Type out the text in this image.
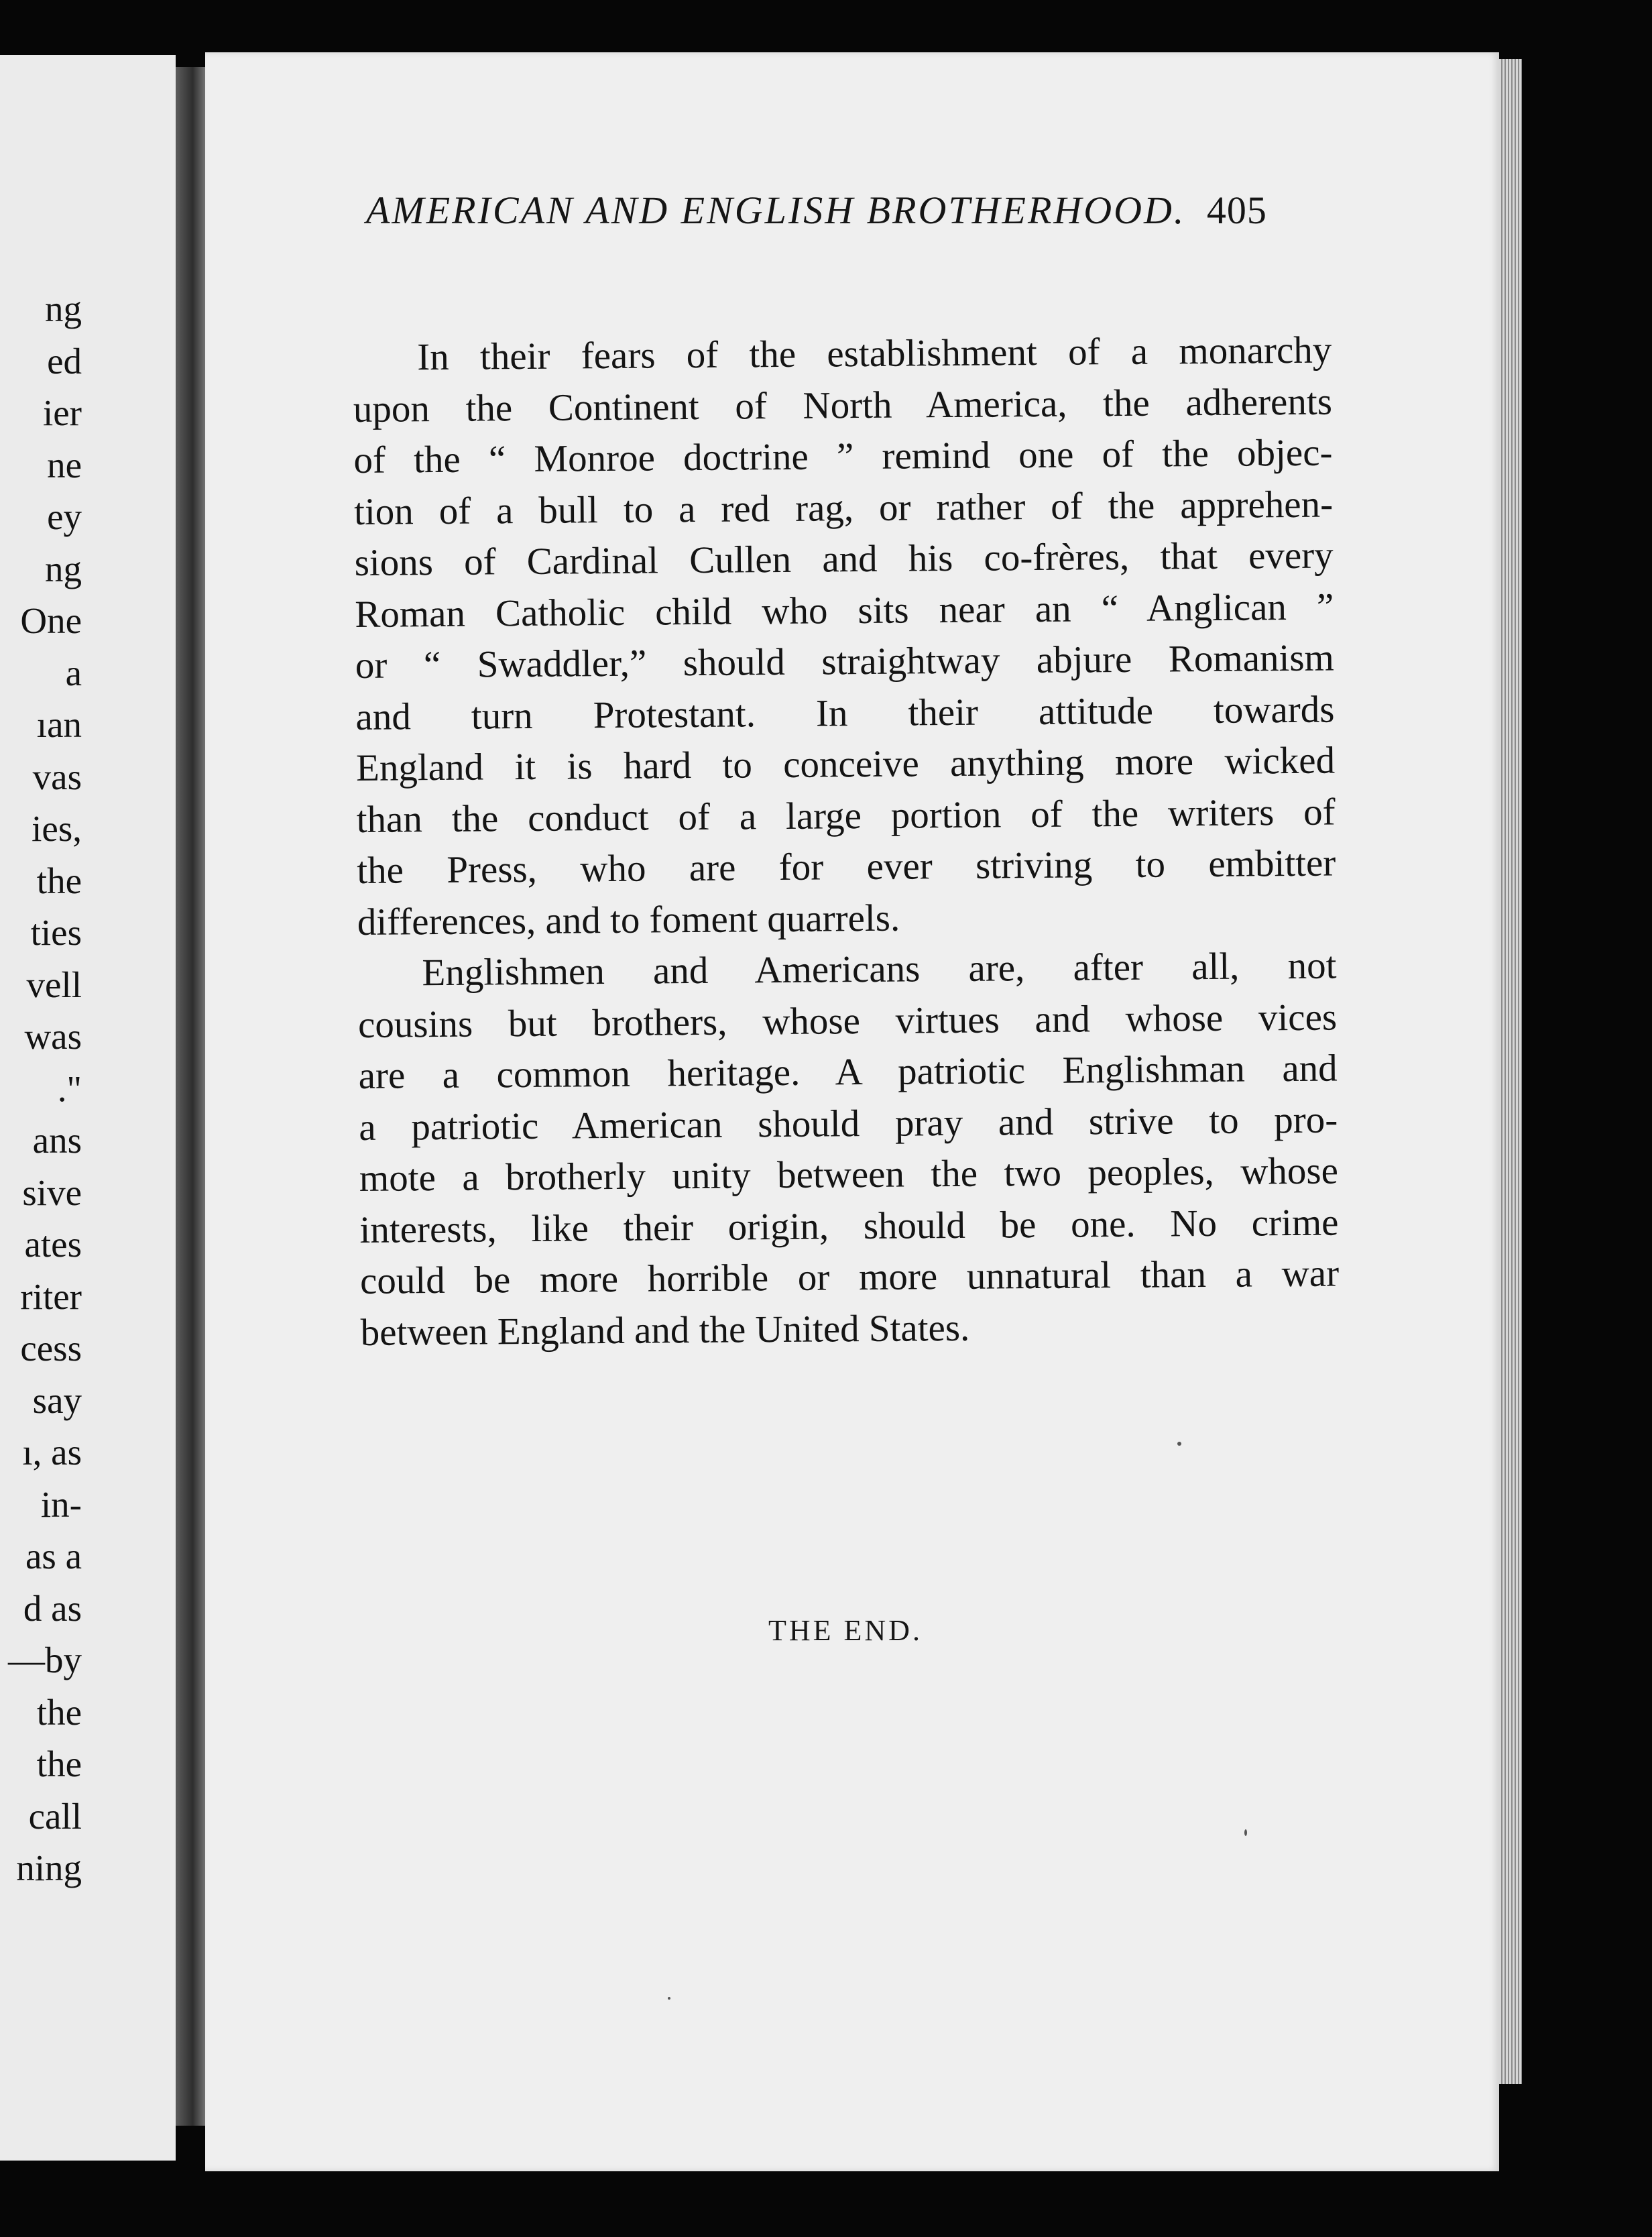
ng
ed
ier
ne
ey
ng
One
a
ıan
vas
ies,
the
ties
vell
was
."
ans
sive
ates
riter
cess
say
ı, as
in-
as a
d as
—by
the
the
call
ning
AMERICAN AND ENGLISH BROTHERHOOD. 405
In their fears of the establishment of a monarchy
upon the Continent of North America, the adherents
of the “ Monroe doctrine ” remind one of the objec-
tion of a bull to a red rag, or rather of the apprehen-
sions of Cardinal Cullen and his co-frères, that every
Roman Catholic child who sits near an “ Anglican ”
or “ Swaddler,” should straightway abjure Romanism
and turn Protestant. In their attitude towards
England it is hard to conceive anything more wicked
than the conduct of a large portion of the writers of
the Press, who are for ever striving to embitter
differences, and to foment quarrels.
Englishmen and Americans are, after all, not
cousins but brothers, whose virtues and whose vices
are a common heritage. A patriotic Englishman and
a patriotic American should pray and strive to pro-
mote a brotherly unity between the two peoples, whose
interests, like their origin, should be one. No crime
could be more horrible or more unnatural than a war
between England and the United States.
THE END.
